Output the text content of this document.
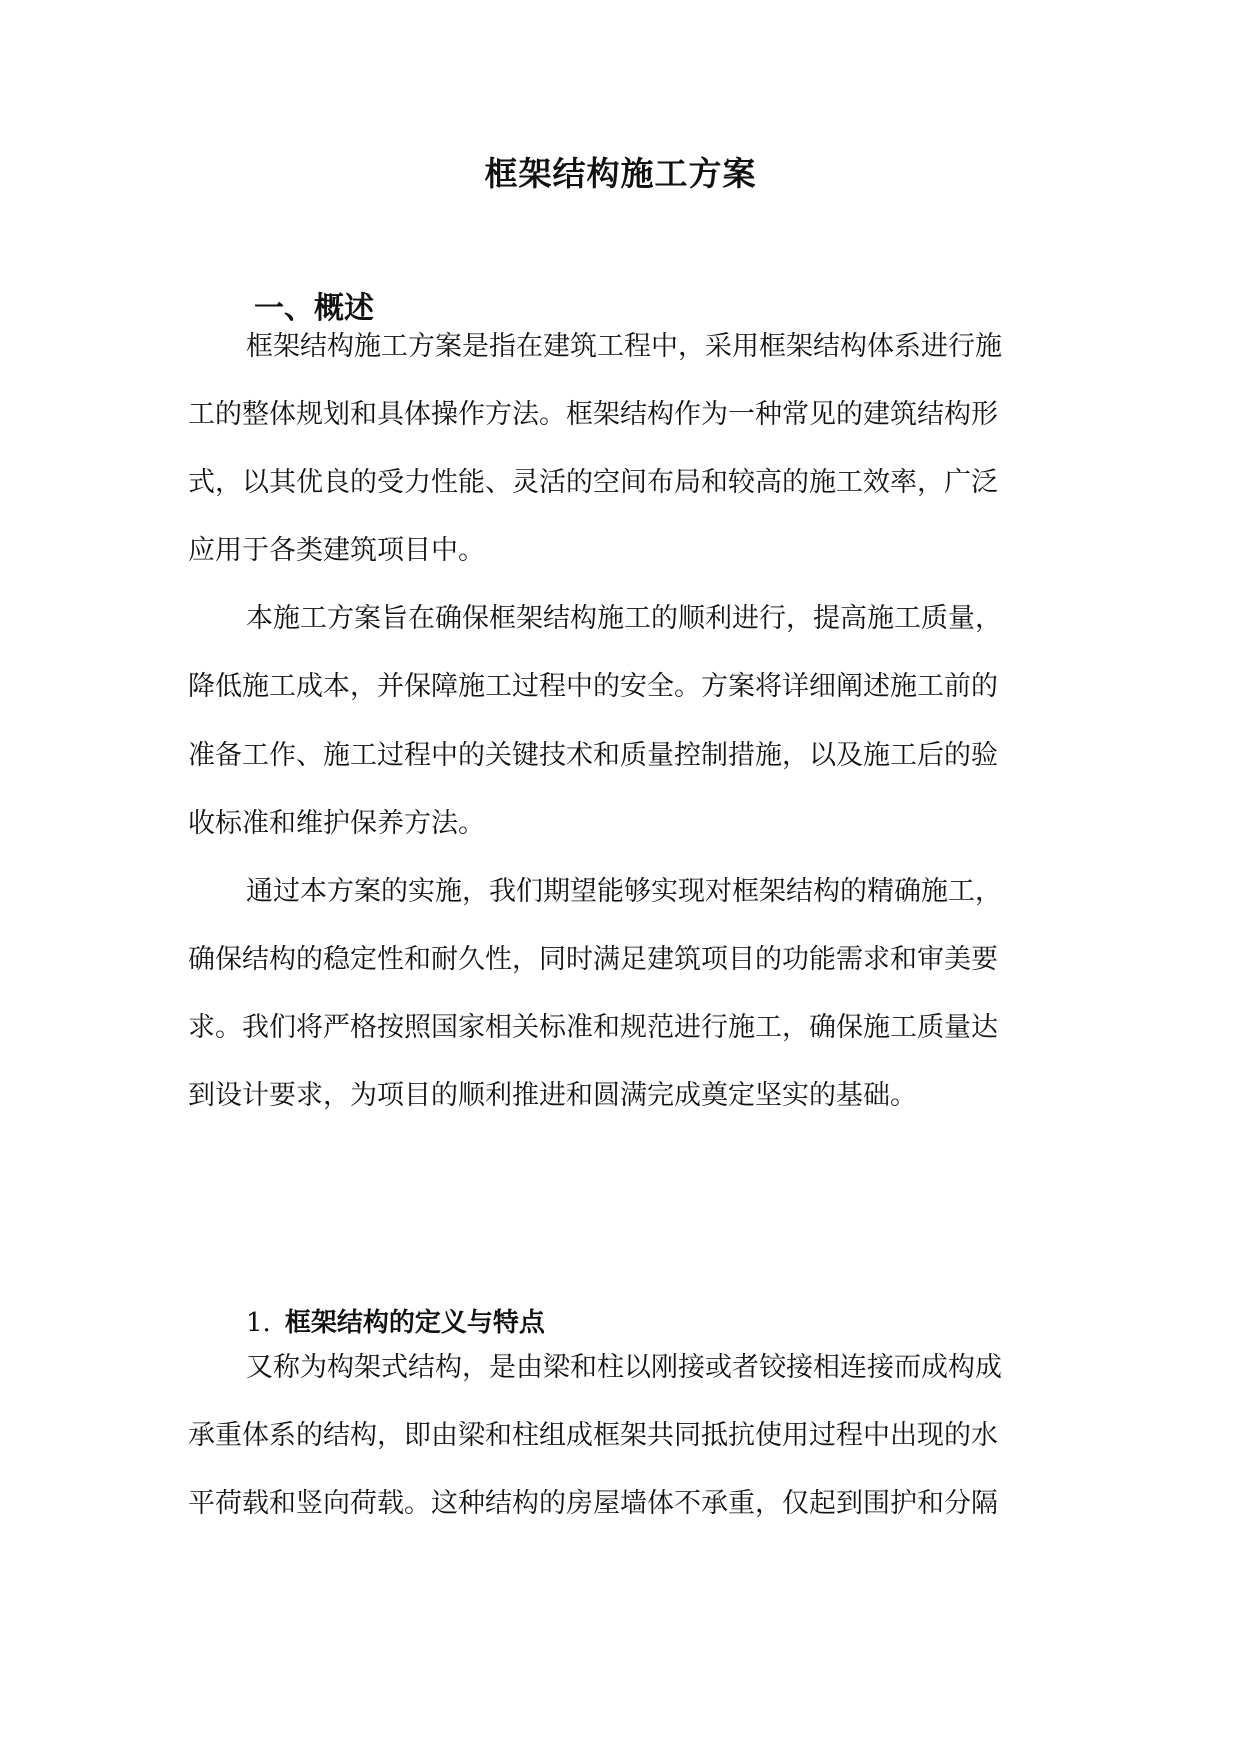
框架结构施工方案
一、概述

框架结构施工方案是指在建筑工程中，采用框架结构体系进行施

工的整体规划和具体操作方法。框架结构作为一种常见的建筑结构形

式，以其优良的受力性能、灵活的空间布局和较高的施工效率，广泛

应用于各类建筑项目中。

本施工方案旨在确保框架结构施工的顺利进行，提高施工质量，

降低施工成本，并保障施工过程中的安全。方案将详细阐述施工前的

准备工作、施工过程中的关键技术和质量控制措施，以及施工后的验

收标准和维护保养方法。

通过本方案的实施，我们期望能够实现对框架结构的精确施工，

确保结构的稳定性和耐久性，同时满足建筑项目的功能需求和审美要

求。我们将严格按照国家相关标准和规范进行施工，确保施工质量达

到设计要求，为项目的顺利推进和圆满完成奠定坚实的基础。

1. 框架结构的定义与特点

又称为构架式结构，是由梁和柱以刚接或者铰接相连接而成构成

承重体系的结构，即由梁和柱组成框架共同抵抗使用过程中出现的水

平荷载和竖向荷载。这种结构的房屋墙体不承重，仅起到围护和分隔
